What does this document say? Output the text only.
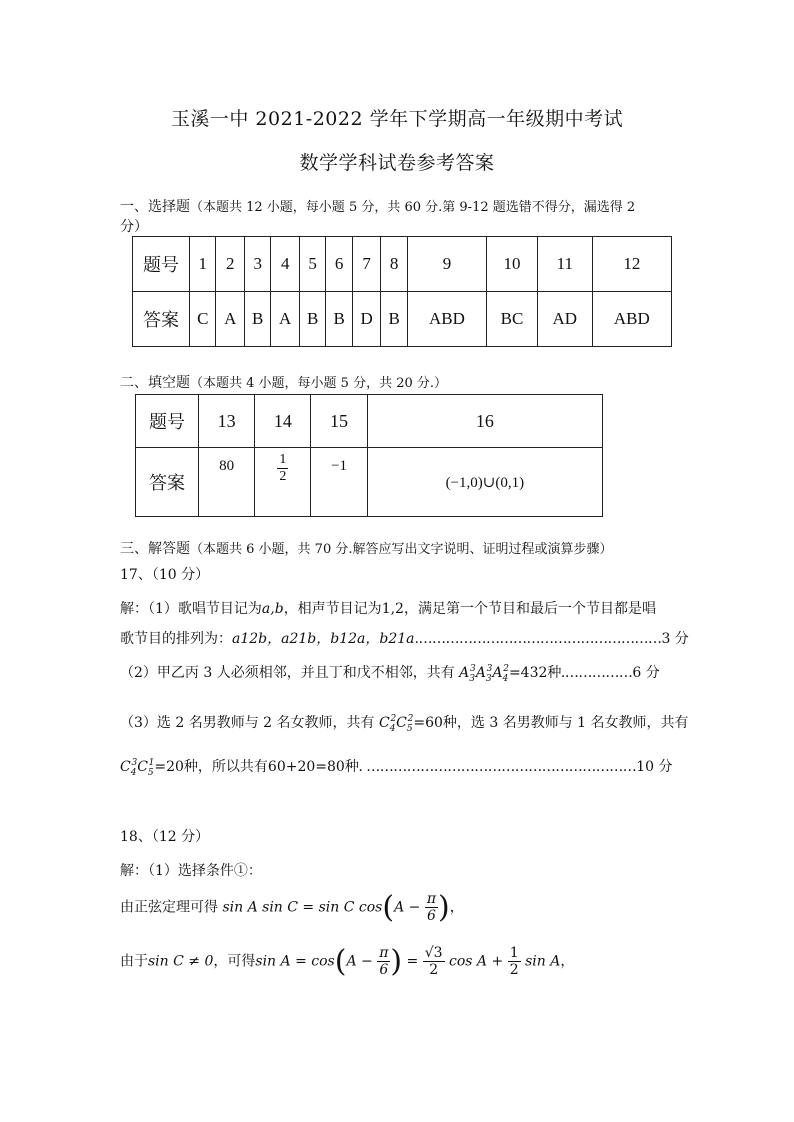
玉溪一中 2021-2022 学年下学期高一年级期中考试
数学学科试卷参考答案
一、选择题（本题共 12 小题，每小题 5 分，共 60 分.第 9-12 题选错不得分，漏选得 2
分）
题号	1	2	3	4	5	6	7	8	9	10	11	12
答案	C	A	B	A	B	B	D	B	ABD	BC	AD	ABD
二、填空题（本题共 4 小题，每小题 5 分，共 20 分.）
题号	13	14	15	16
答案	80	$\frac{1}{2}$	−1	(−1,0)∪(0,1)
三、解答题（本题共 6 小题，共 70 分.解答应写出文字说明、证明过程或演算步骤）
17、（10 分）
解：（1）歌唱节目记为a,b，相声节目记为1,2，满足第一个节目和最后一个节目都是唱
歌节目的排列为：a12b，a21b，b12a，b21a.………………………………………………3 分
（2）甲乙丙 3 人必须相邻，并且丁和戊不相邻，共有 $A_3^3A_3^3A_4^2=432$种.……………6 分
（3）选 2 名男教师与 2 名女教师，共有 $C_4^2C_5^2=60$种，选 3 名男教师与 1 名女教师，共有
$C_4^3C_5^1=20$种，所以共有60+20=80种. ……………………………………………………10 分
18、（12 分）
解：（1）选择条件①：
由正弦定理可得 sin A sin C = sin C $\cos(A - \frac{\pi}{6}$ )，
由于sin C ≠ 0，可得$\sin A = \cos(A - \frac{\pi}{6}$ ) = $\frac{√3}{2}$ $\cos A + \frac{1}{2}$ sin A，
